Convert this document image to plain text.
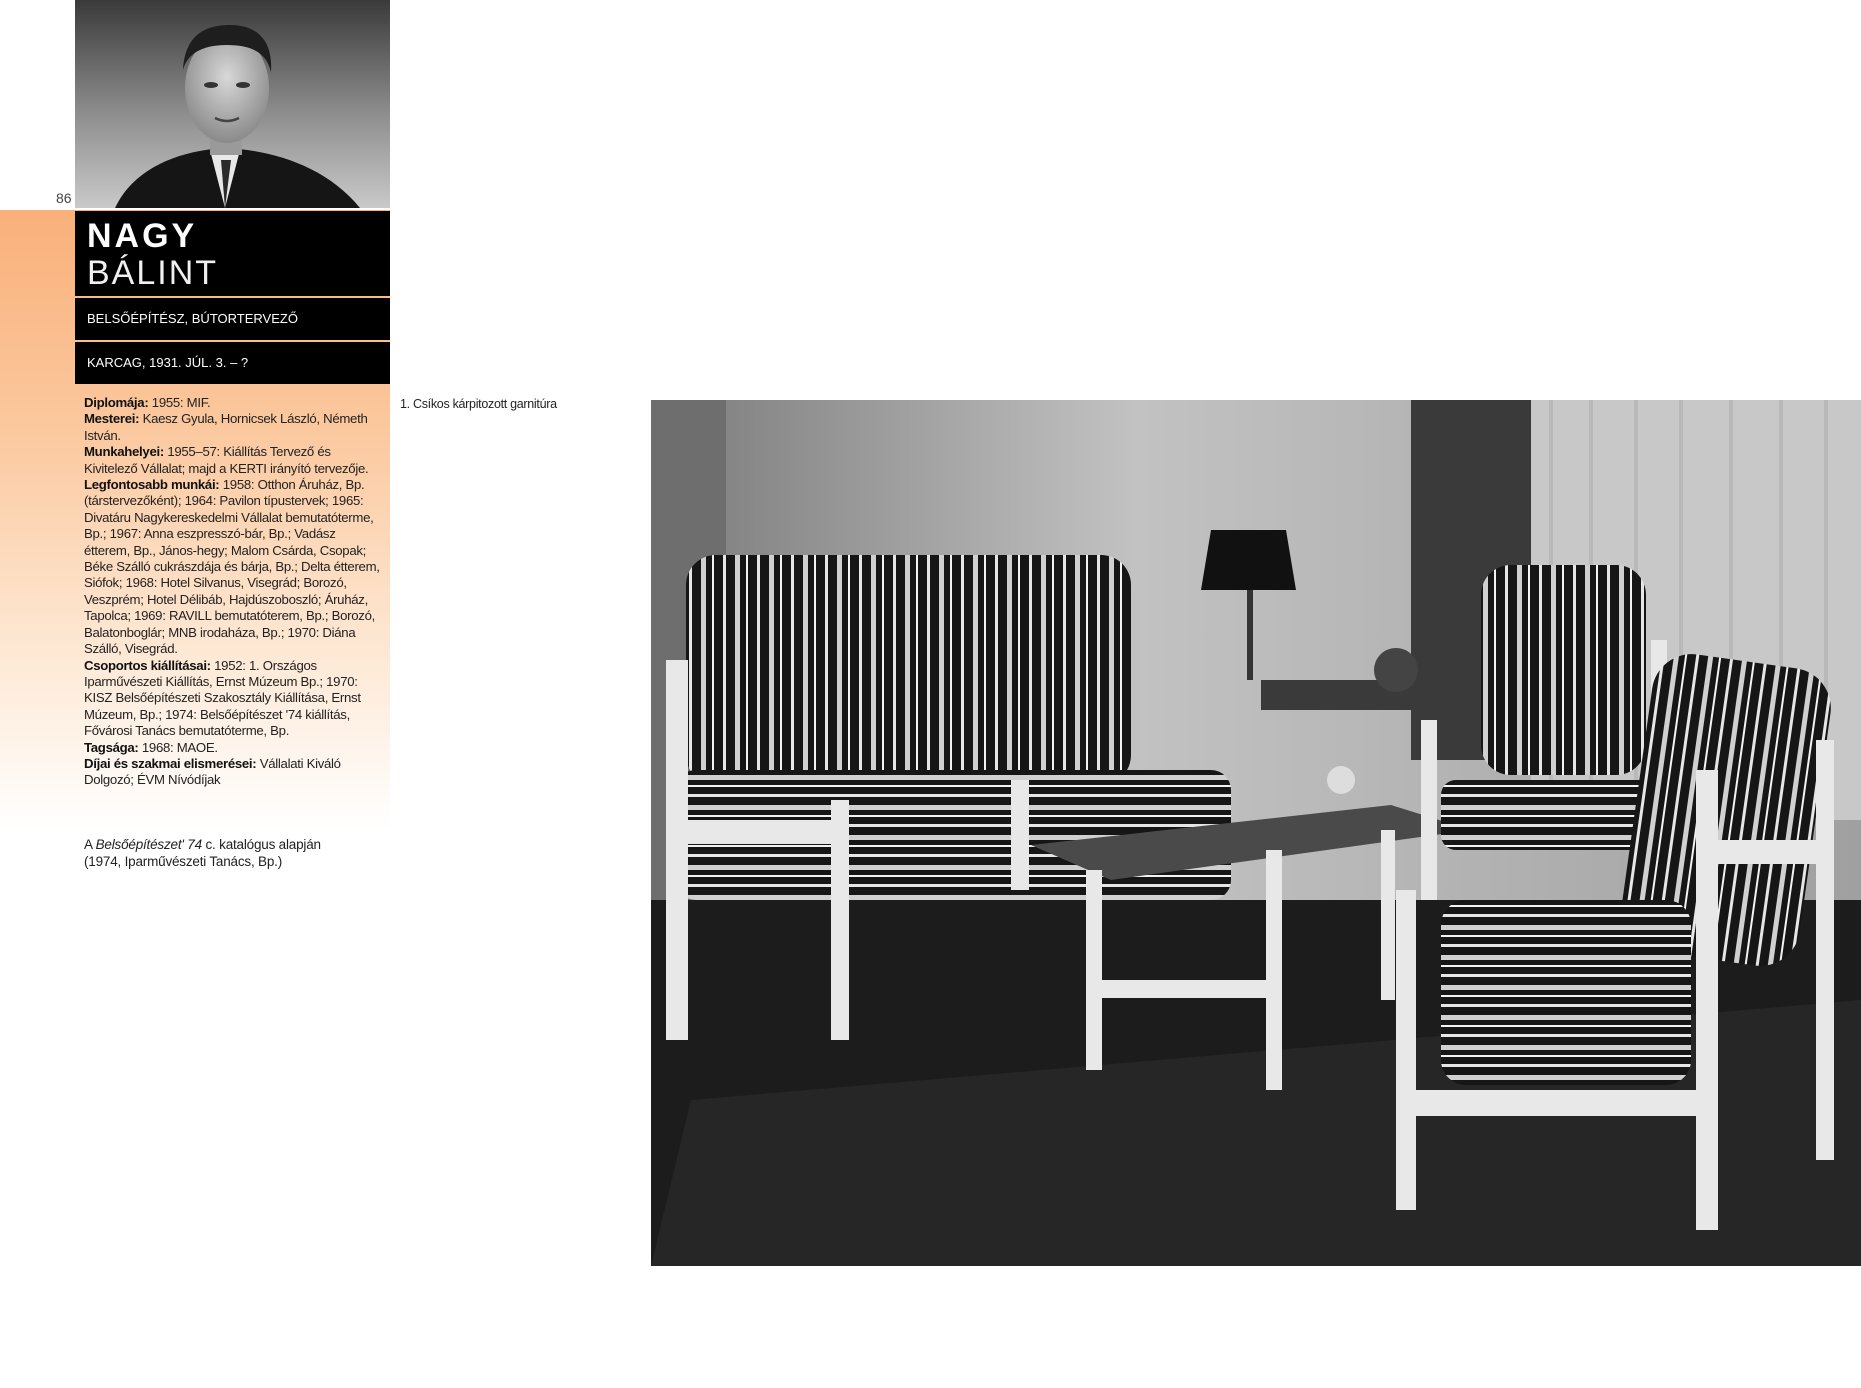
86
NAGY
BÁLINT
BELSŐÉPÍTÉSZ, BÚTORTERVEZŐ
KARCAG, 1931. JÚL. 3. – ?
Diplomája: 1955: MIF.
Mesterei: Kaesz Gyula, Hornicsek László, Németh István.
Munkahelyei: 1955–57: Kiállítás Tervező és Kivitelező Vállalat; majd a KERTI irányító tervezője.
Legfontosabb munkái: 1958: Otthon Áruház, Bp. (társtervezőként); 1964: Pavilon típustervek; 1965: Divatáru Nagykereskedelmi Vállalat bemutatóterme, Bp.; 1967: Anna eszpresszó-bár, Bp.; Vadász étterem, Bp., János-hegy; Malom Csárda, Csopak; Béke Szálló cukrászdája és bárja, Bp.; Delta étterem, Siófok; 1968: Hotel Silvanus, Visegrád; Borozó, Veszprém; Hotel Délibáb, Hajdúszoboszló; Áruház, Tapolca; 1969: RAVILL bemutatóterem, Bp.; Borozó, Balatonboglár; MNB irodaháza, Bp.; 1970: Diána Szálló, Visegrád.
Csoportos kiállításai: 1952: 1. Országos Iparművészeti Kiállítás, Ernst Múzeum Bp.; 1970: KISZ Belsőépítészeti Szakosztály Kiállítása, Ernst Múzeum, Bp.; 1974: Belsőépítészet '74 kiállítás, Fővárosi Tanács bemutatóterme, Bp.
Tagsága: 1968: MAOE.
Díjai és szakmai elismerései: Vállalati Kiváló Dolgozó; ÉVM Nívódíjak
A Belsőépítészet' 74 c. katalógus alapján
(1974, Iparművészeti Tanács, Bp.)
1. Csíkos kárpitozott garnitúra
